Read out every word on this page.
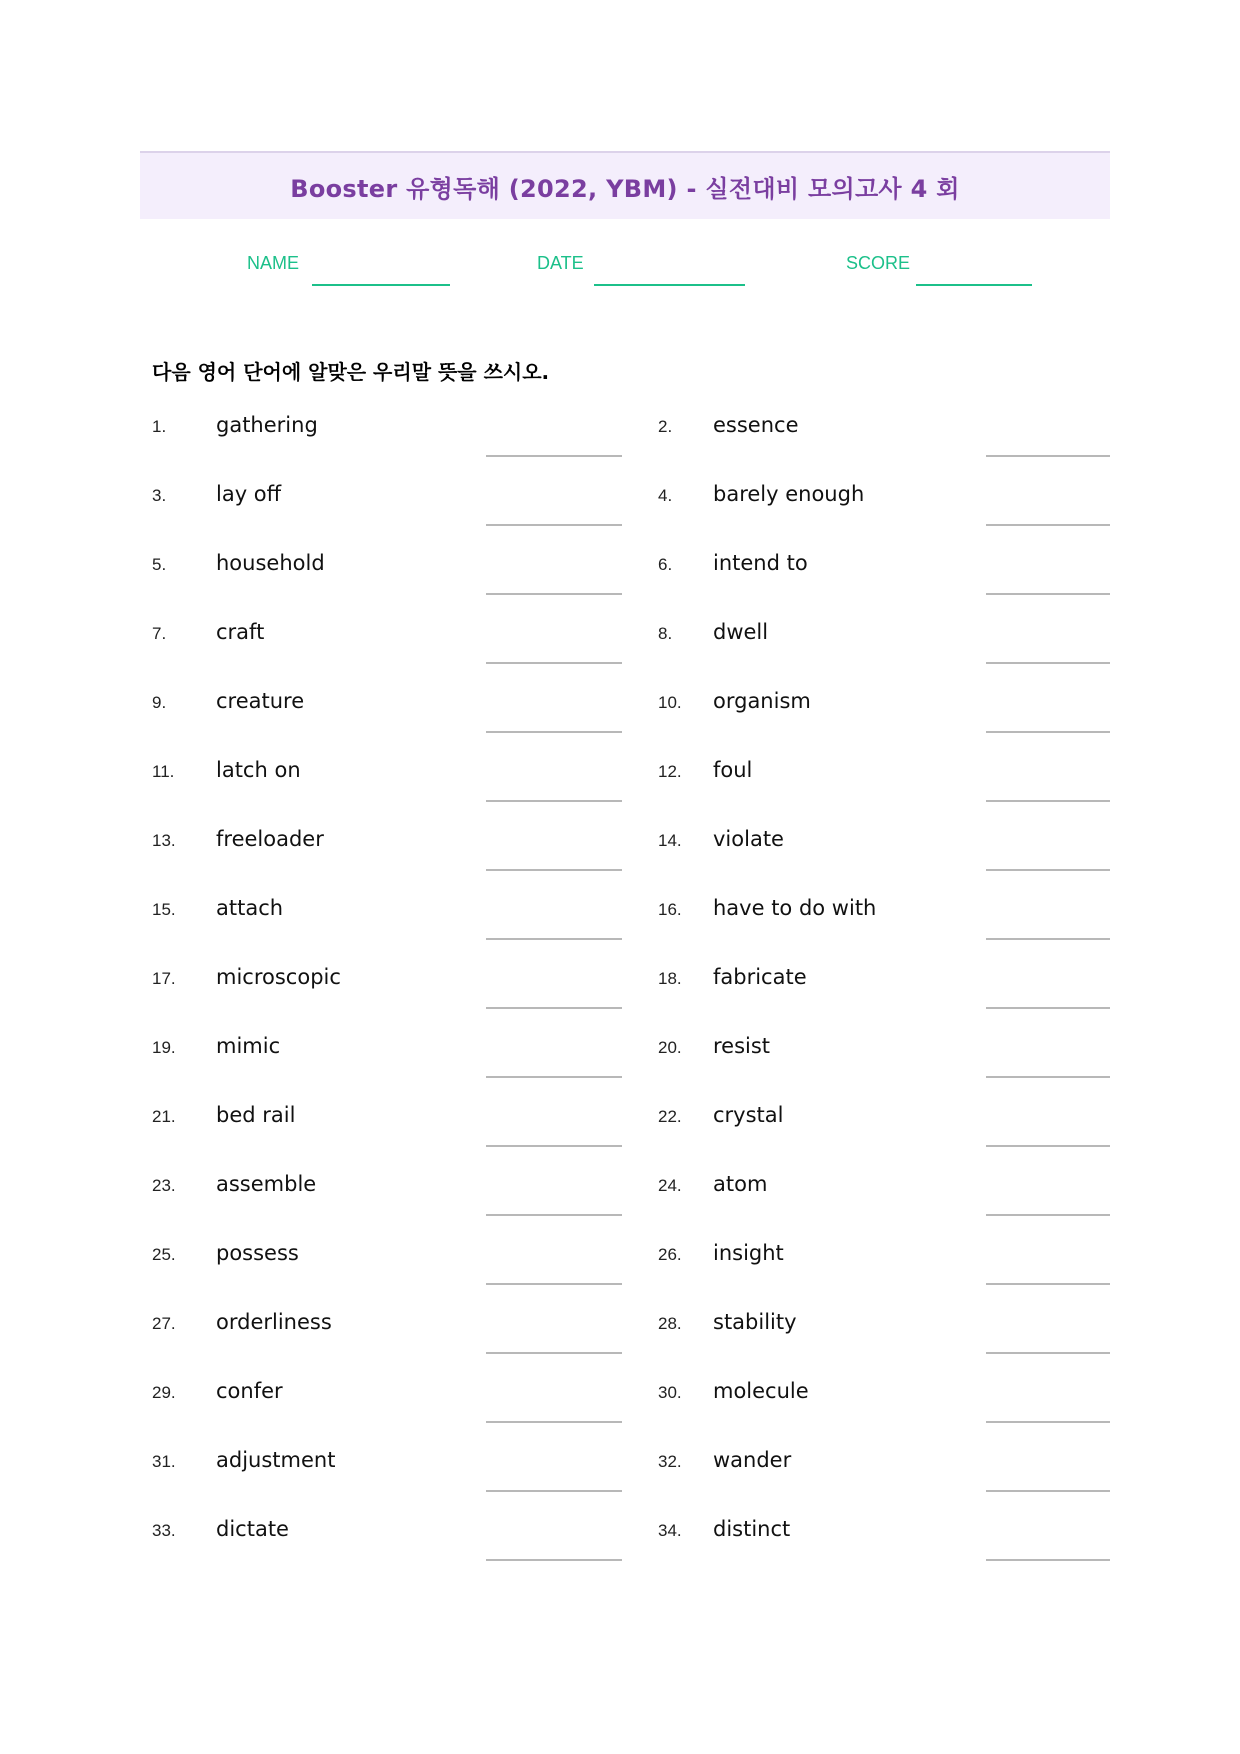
Booster 유형독해 (2022, YBM) - 실전대비 모의고사 4 회
NAME	DATE	SCORE
다음 영어 단어에 알맞은 우리말 뜻을 쓰시오.
1. gathering	2. essence
3. lay off	4. barely enough
5. household	6. intend to
7. craft	8. dwell
9. creature	10. organism
11. latch on	12. foul
13. freeloader	14. violate
15. attach	16. have to do with
17. microscopic	18. fabricate
19. mimic	20. resist
21. bed rail	22. crystal
23. assemble	24. atom
25. possess	26. insight
27. orderliness	28. stability
29. confer	30. molecule
31. adjustment	32. wander
33. dictate	34. distinct
